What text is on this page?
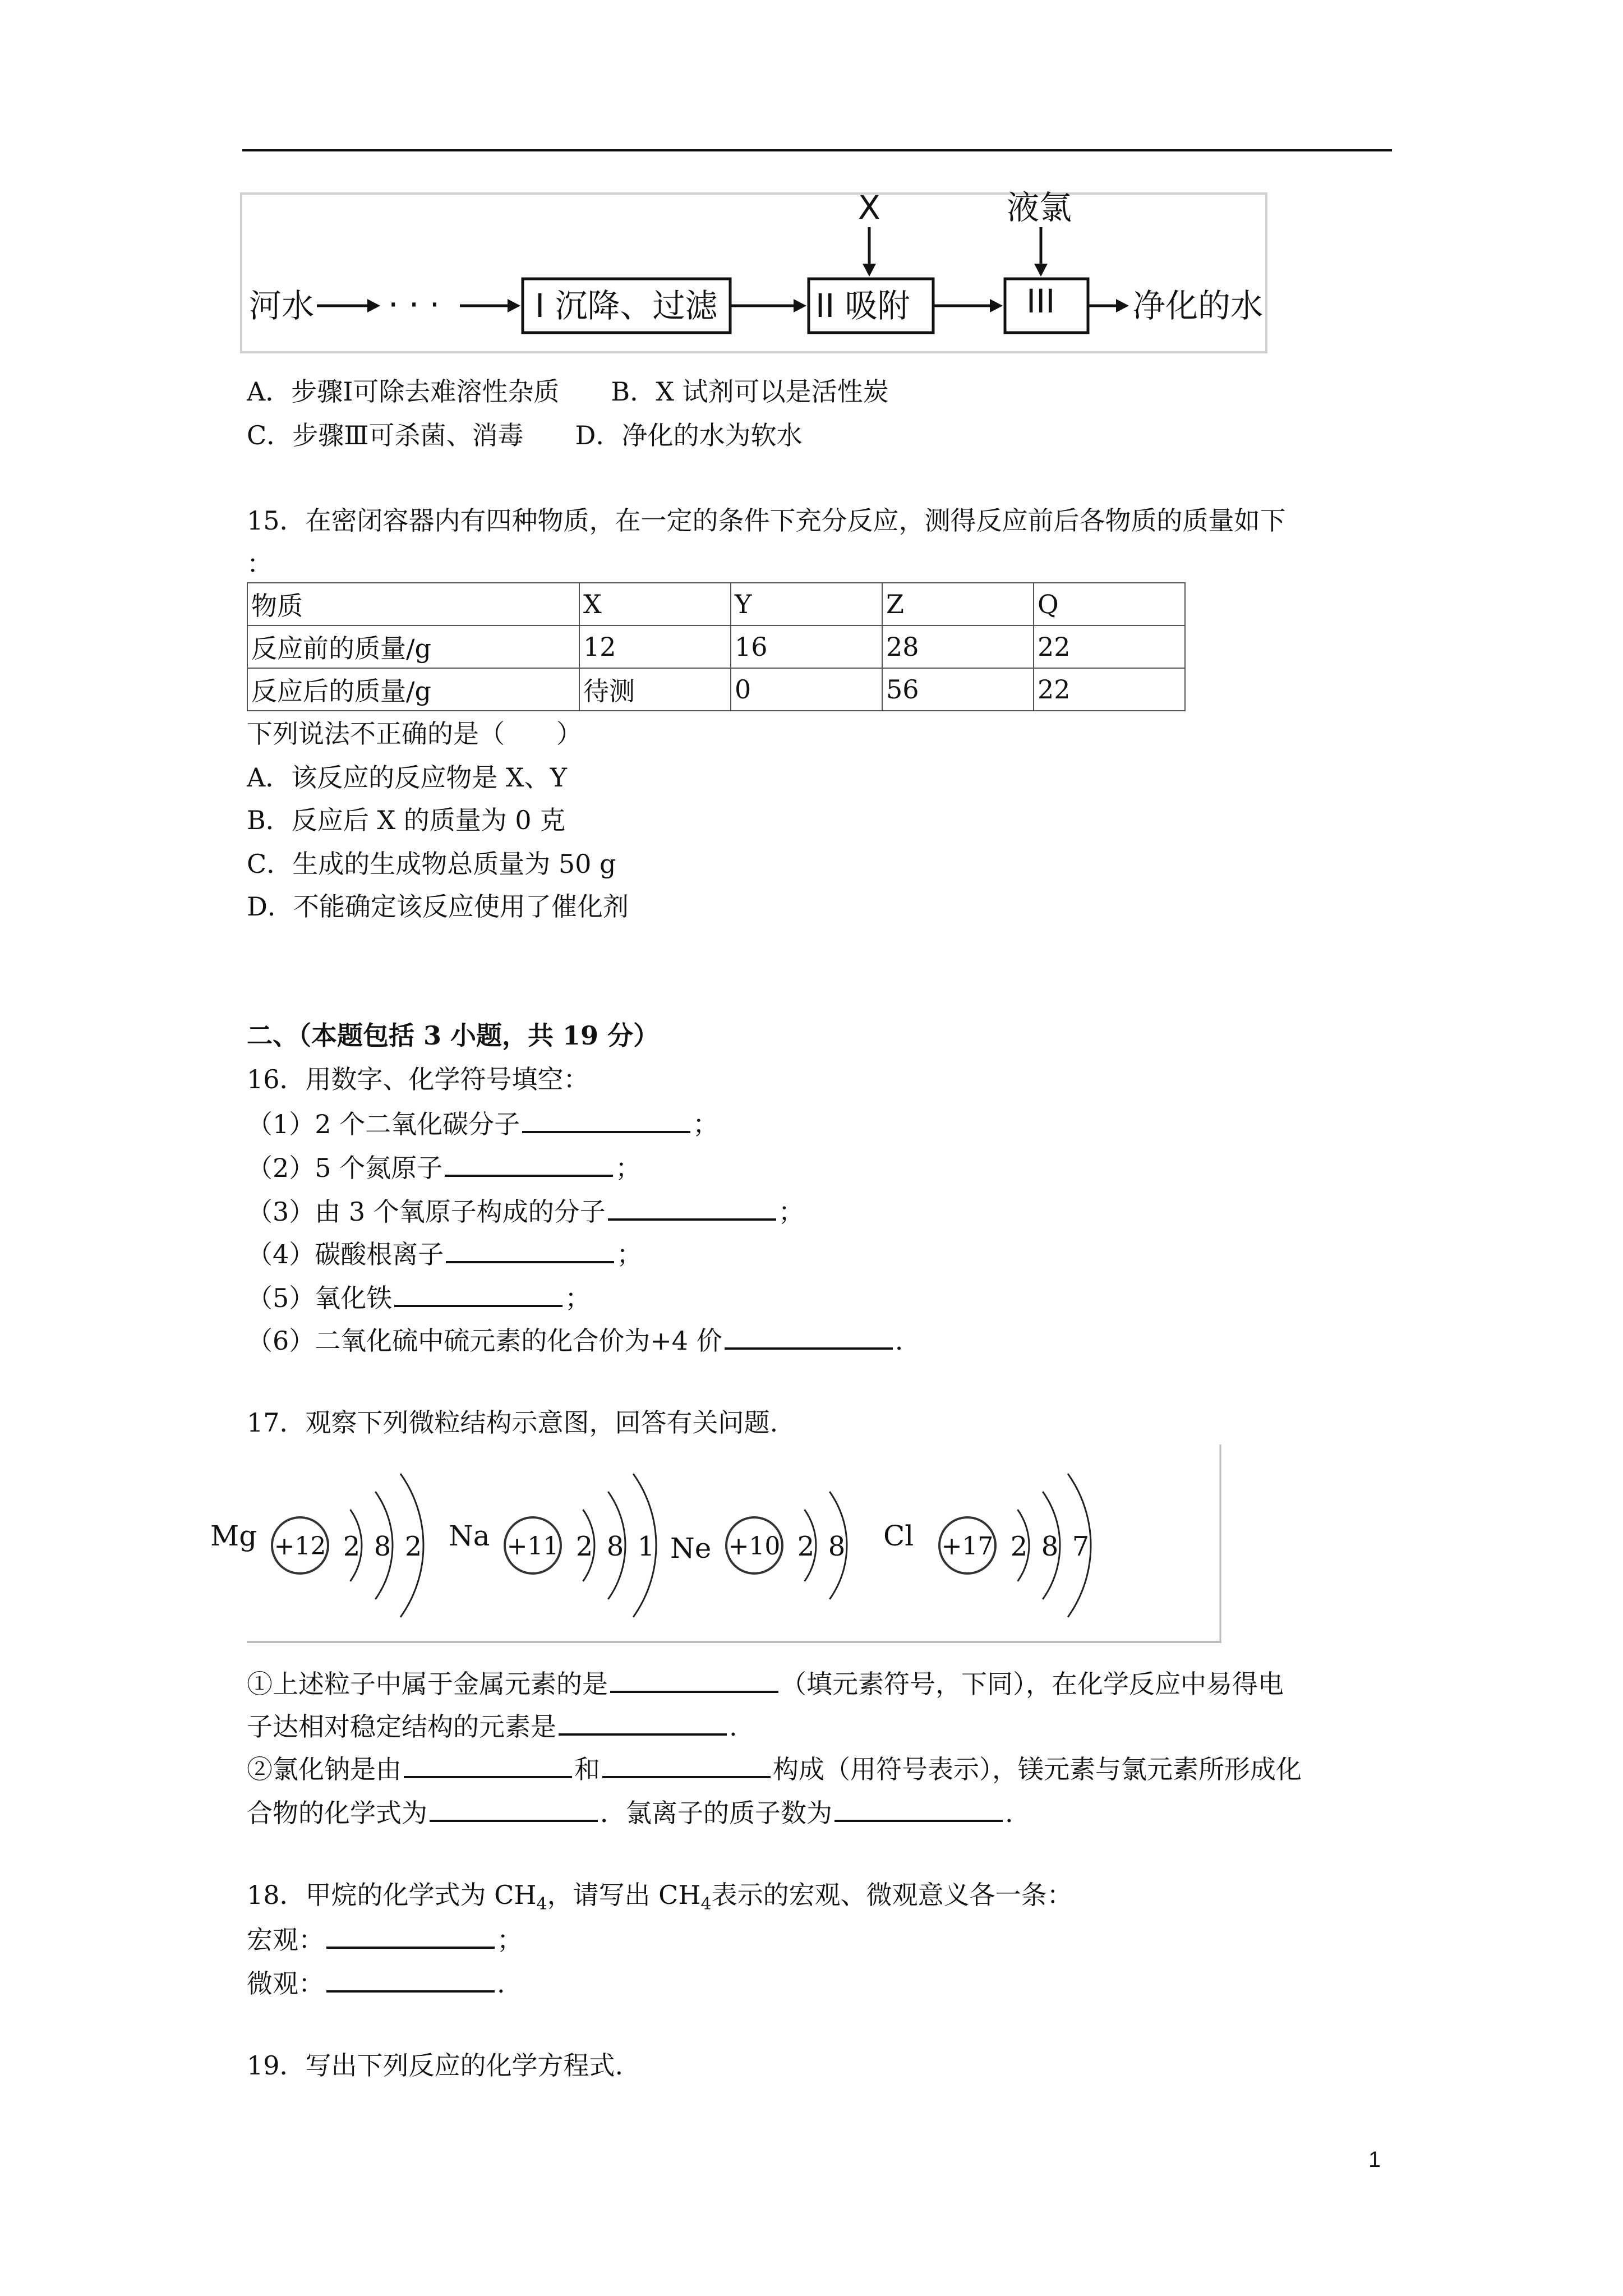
河水 · · ·	I 沉降、过滤	II 吸附
X
III
液氯
净化的水
A．步骤Ⅰ可除去难溶性杂质　　B．X 试剂可以是活性炭
C．步骤Ⅲ可杀菌、消毒　　D．净化的水为软水
15．在密闭容器内有四种物质，在一定的条件下充分反应，测得反应前后各物质的质量如下
：
物质	X	Y	Z	Q
反应前的质量/g	12	16	28	22
反应后的质量/g	待测	0	56	22
下列说法不正确的是（　　）
A．该反应的反应物是 X、Y
B．反应后 X 的质量为 0 克
C．生成的生成物总质量为 50 g
D．不能确定该反应使用了催化剂
二、（本题包括 3 小题，共 19 分）
16．用数字、化学符号填空：
（1）2 个二氧化碳分子	；
（2）5 个氮原子	；
（3）由 3 个氧原子构成的分子	；
（4）碳酸根离子	；
（5）氧化铁	；
（6）二氧化硫中硫元素的化合价为+4 价	.
17．观察下列微粒结构示意图，回答有关问题.
Mg +12 2 8 2 Na +11 2 8 1 Ne +10 2 8 Cl +17 2 8 7
①上述粒子中属于金属元素的是	（填元素符号，下同），在化学反应中易得电
子达相对稳定结构的元素是	.
②氯化钠是由	和	构成（用符号表示），镁元素与氯元素所形成化
合物的化学式为	．氯离子的质子数为	.
18．甲烷的化学式为 $CH_4$，请写出 $CH_4$表示的宏观、微观意义各一条：
宏观：	；
微观：	.
19．写出下列反应的化学方程式.
1
